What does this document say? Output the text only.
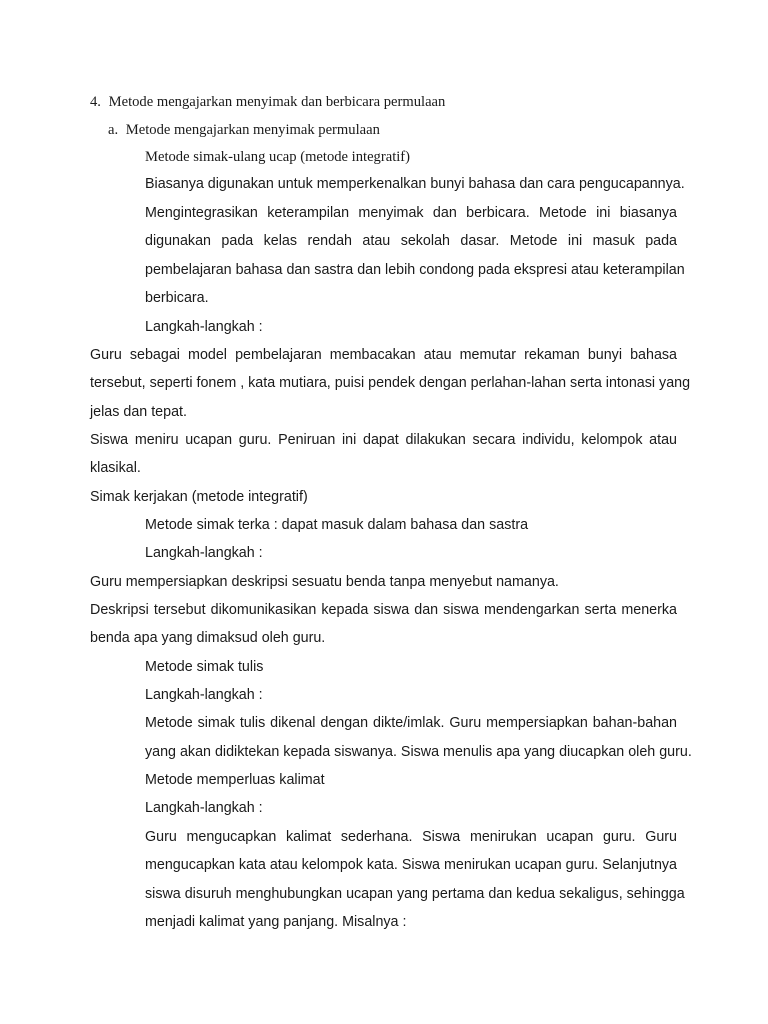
4. Metode mengajarkan menyimak dan berbicara permulaan
a. Metode mengajarkan menyimak permulaan
Metode simak-ulang ucap (metode integratif)
Biasanya digunakan untuk memperkenalkan bunyi bahasa dan cara pengucapannya.
Mengintegrasikan keterampilan menyimak dan berbicara. Metode ini biasanya
digunakan pada kelas rendah atau sekolah dasar. Metode ini masuk pada
pembelajaran bahasa dan sastra dan lebih condong pada ekspresi atau keterampilan
berbicara.
Langkah-langkah :
Guru sebagai model pembelajaran membacakan atau memutar rekaman bunyi bahasa
tersebut, seperti fonem , kata mutiara, puisi pendek dengan perlahan-lahan serta intonasi yang
jelas dan tepat.
Siswa meniru ucapan guru. Peniruan ini dapat dilakukan secara individu, kelompok atau
klasikal.
Simak kerjakan (metode integratif)
Metode simak terka : dapat masuk dalam bahasa dan sastra
Langkah-langkah :
Guru mempersiapkan deskripsi sesuatu benda tanpa menyebut namanya.
Deskripsi tersebut dikomunikasikan kepada siswa dan siswa mendengarkan serta menerka
benda apa yang dimaksud oleh guru.
Metode simak tulis
Langkah-langkah :
Metode simak tulis dikenal dengan dikte/imlak. Guru mempersiapkan bahan-bahan
yang akan didiktekan kepada siswanya. Siswa menulis apa yang diucapkan oleh guru.
Metode memperluas kalimat
Langkah-langkah :
Guru mengucapkan kalimat sederhana. Siswa menirukan ucapan guru. Guru
mengucapkan kata atau kelompok kata. Siswa menirukan ucapan guru. Selanjutnya
siswa disuruh menghubungkan ucapan yang pertama dan kedua sekaligus, sehingga
menjadi kalimat yang panjang. Misalnya :
